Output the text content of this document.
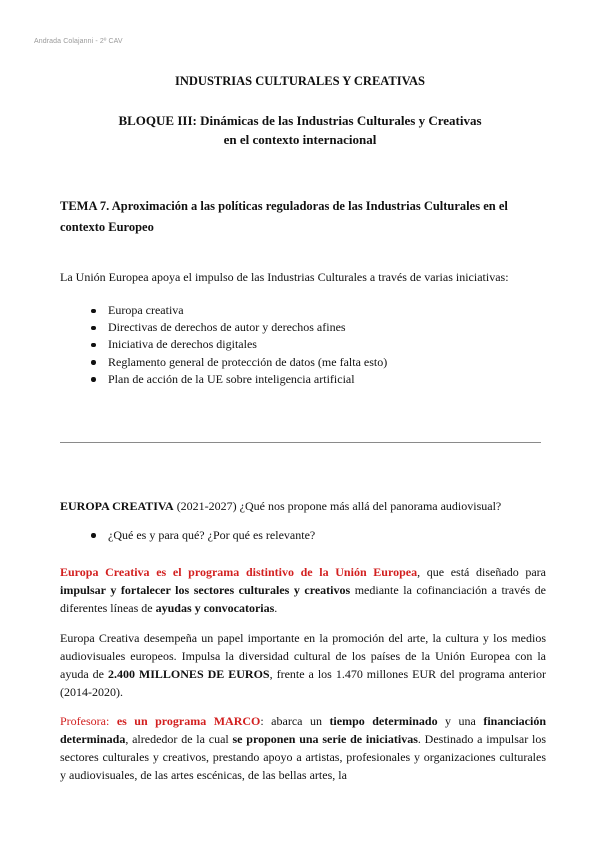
Andrada Colajanni - 2º CAV
INDUSTRIAS CULTURALES Y CREATIVAS
BLOQUE III: Dinámicas de las Industrias Culturales y Creativas
en el contexto internacional
TEMA 7. Aproximación a las políticas reguladoras de las Industrias Culturales en el contexto Europeo
La Unión Europea apoya el impulso de las Industrias Culturales a través de varias iniciativas:
Europa creativa
Directivas de derechos de autor y derechos afines
Iniciativa de derechos digitales
Reglamento general de protección de datos (me falta esto)
Plan de acción de la UE sobre inteligencia artificial
EUROPA CREATIVA (2021-2027) ¿Qué nos propone más allá del panorama audiovisual?
¿Qué es y para qué? ¿Por qué es relevante?
Europa Creativa es el programa distintivo de la Unión Europea, que está diseñado para impulsar y fortalecer los sectores culturales y creativos mediante la cofinanciación a través de diferentes líneas de ayudas y convocatorias.
Europa Creativa desempeña un papel importante en la promoción del arte, la cultura y los medios audiovisuales europeos. Impulsa la diversidad cultural de los países de la Unión Europea con la ayuda de 2.400 MILLONES DE EUROS, frente a los 1.470 millones EUR del programa anterior (2014-2020).
Profesora: es un programa MARCO: abarca un tiempo determinado y una financiación determinada, alrededor de la cual se proponen una serie de iniciativas. Destinado a impulsar los sectores culturales y creativos, prestando apoyo a artistas, profesionales y organizaciones culturales y audiovisuales, de las artes escénicas, de las bellas artes, la
